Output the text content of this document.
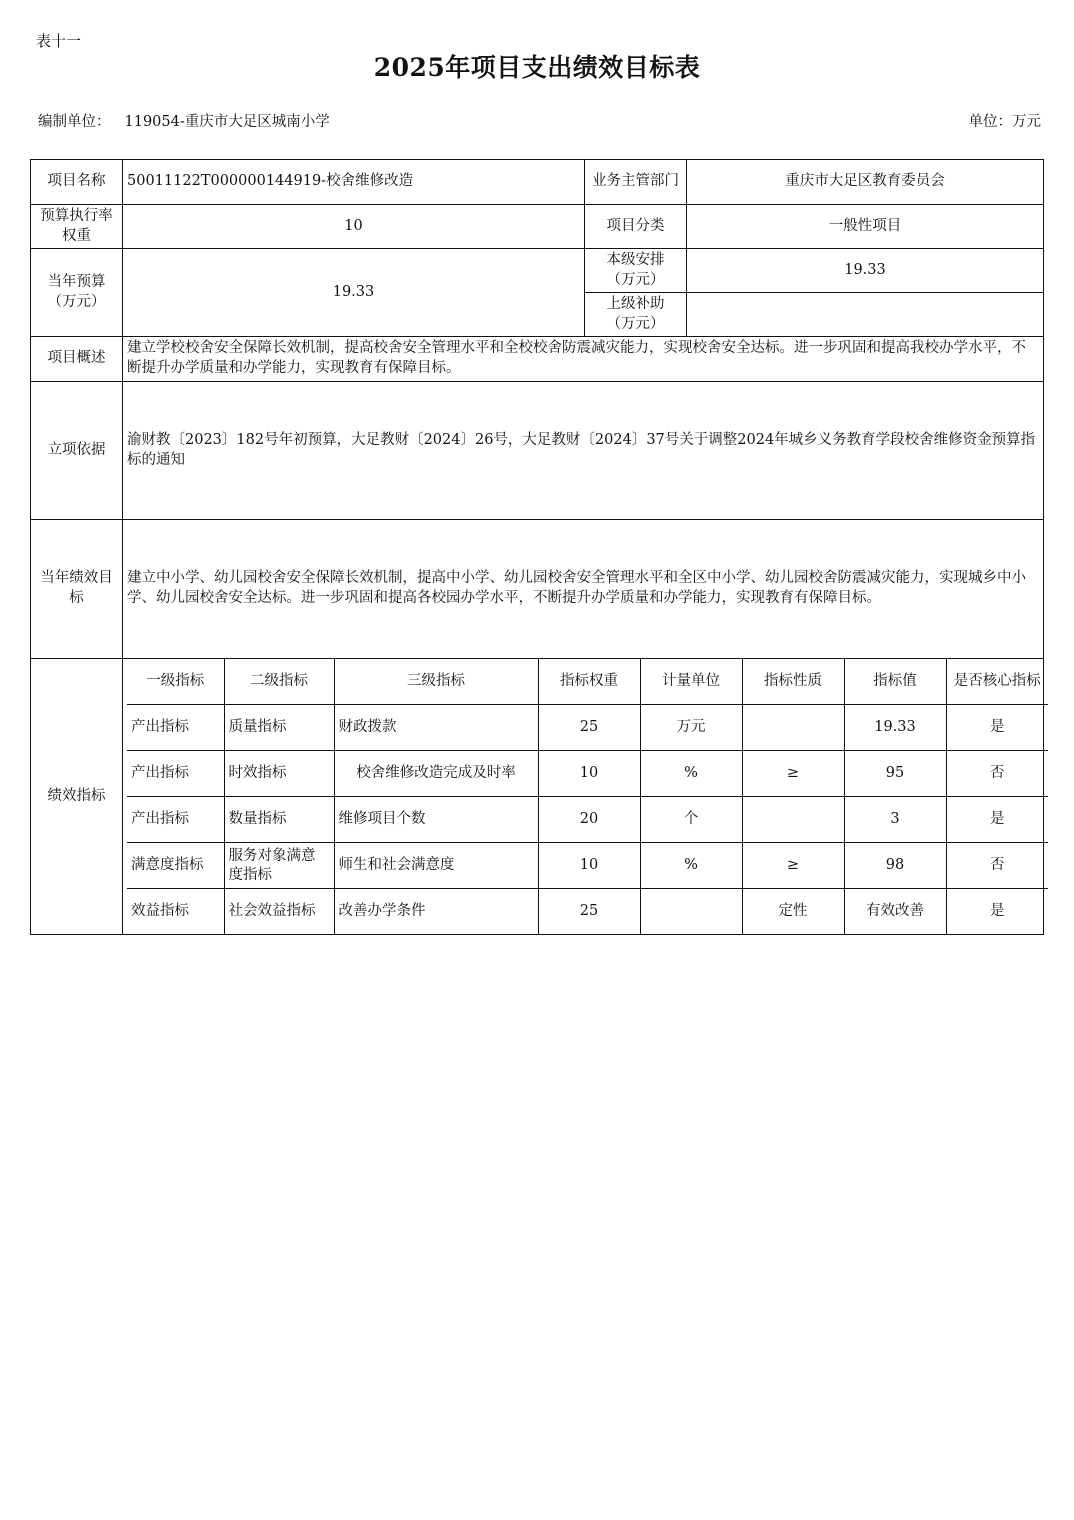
表十一
2025年项目支出绩效目标表
编制单位： 119054-重庆市大足区城南小学	单位：万元
项目名称	50011122T000000144919-校舍维修改造	业务主管部门	重庆市大足区教育委员会
预算执行率权重	10	项目分类	一般性项目
当年预算（万元）	19.33	本级安排（万元）	19.33
上级补助（万元）	
项目概述	建立学校校舍安全保障长效机制，提高校舍安全管理水平和全校校舍防震减灾能力，实现校舍安全达标。进一步巩固和提高我校办学水平，不断提升办学质量和办学能力，实现教育有保障目标。
立项依据	渝财教〔2023〕182号年初预算，大足教财〔2024〕26号，大足教财〔2024〕37号关于调整2024年城乡义务教育学段校舍维修资金预算指标的通知
当年绩效目标	建立中小学、幼儿园校舍安全保障长效机制，提高中小学、幼儿园校舍安全管理水平和全区中小学、幼儿园校舍防震减灾能力，实现城乡中小学、幼儿园校舍安全达标。进一步巩固和提高各校园办学水平，不断提升办学质量和办学能力，实现教育有保障目标。
绩效指标	
一级指标	二级指标	三级指标	指标权重	计量单位	指标性质	指标值	是否核心指标
产出指标	质量指标	财政拨款	25	万元		19.33	是
产出指标	时效指标	校舍维修改造完成及时率	10	%	≥	95	否
产出指标	数量指标	维修项目个数	20	个		3	是
满意度指标	服务对象满意度指标	师生和社会满意度	10	%	≥	98	否
效益指标	社会效益指标	改善办学条件	25		定性	有效改善	是
